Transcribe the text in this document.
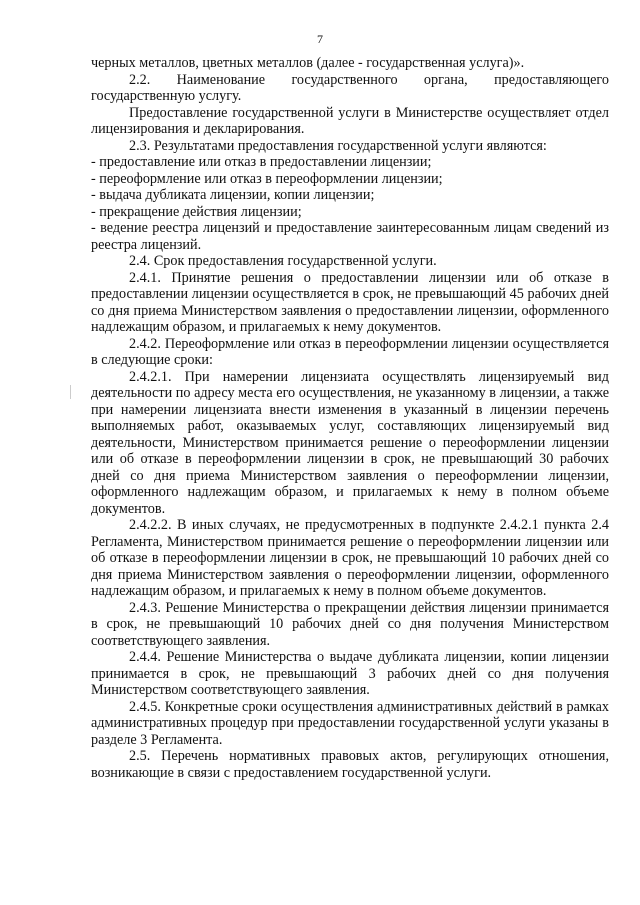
7

черных металлов, цветных металлов (далее - государственная услуга)».

2.2. Наименование государственного органа, предоставляющего государственную услугу.

Предоставление государственной услуги в Министерстве осуществляет отдел лицензирования и декларирования.

2.3. Результатами предоставления государственной услуги являются:

- предоставление или отказ в предоставлении лицензии;

- переоформление или отказ в переоформлении лицензии;

- выдача дубликата лицензии, копии лицензии;

- прекращение действия лицензии;

- ведение реестра лицензий и предоставление заинтересованным лицам сведений из реестра лицензий.

2.4. Срок предоставления государственной услуги.

2.4.1. Принятие решения о предоставлении лицензии или об отказе в предоставлении лицензии осуществляется в срок, не превышающий 45 рабочих дней со дня приема Министерством заявления о предоставлении лицензии, оформленного надлежащим образом, и прилагаемых к нему документов.

2.4.2. Переоформление или отказ в переоформлении лицензии осуществляется в следующие сроки:

2.4.2.1. При намерении лицензиата осуществлять лицензируемый вид деятельности по адресу места его осуществления, не указанному в лицензии, а также при намерении лицензиата внести изменения в указанный в лицензии перечень выполняемых работ, оказываемых услуг, составляющих лицензируемый вид деятельности, Министерством принимается решение о переоформлении лицензии или об отказе в переоформлении лицензии в срок, не превышающий 30 рабочих дней со дня приема Министерством заявления о переоформлении лицензии, оформленного надлежащим образом, и прилагаемых к нему в полном объеме документов.

2.4.2.2. В иных случаях, не предусмотренных в подпункте 2.4.2.1 пункта 2.4 Регламента, Министерством принимается решение о переоформлении лицензии или об отказе в переоформлении лицензии в срок, не превышающий 10 рабочих дней со дня приема Министерством заявления о переоформлении лицензии, оформленного надлежащим образом, и прилагаемых к нему в полном объеме документов.

2.4.3. Решение Министерства о прекращении действия лицензии принимается в срок, не превышающий 10 рабочих дней со дня получения Министерством соответствующего заявления.

2.4.4. Решение Министерства о выдаче дубликата лицензии, копии лицензии принимается в срок, не превышающий 3 рабочих дней со дня получения Министерством соответствующего заявления.

2.4.5. Конкретные сроки осуществления административных действий в рамках административных процедур при предоставлении государственной услуги указаны в разделе 3 Регламента.

2.5. Перечень нормативных правовых актов, регулирующих отношения, возникающие в связи с предоставлением государственной услуги.
